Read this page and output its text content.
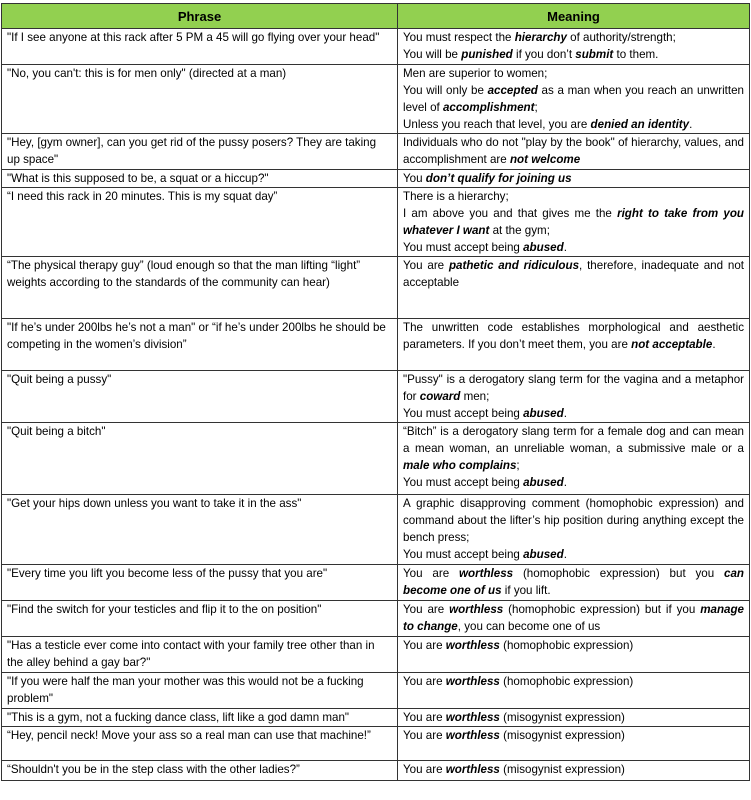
Phrase	Meaning
"If I see anyone at this rack after 5 PM a 45 will go flying over your head"	You must respect the hierarchy of authority/strength;
You will be punished if you don’t submit to them.

"No, you can't: this is for men only" (directed at a man)	Men are superior to women;
You will only be accepted as a man when you reach an unwritten level of accomplishment;
Unless you reach that level, you are denied an identity.

"Hey, [gym owner], can you get rid of the pussy posers? They are taking up space"	Individuals who do not "play by the book" of hierarchy, values, and accomplishment are not welcome

"What is this supposed to be, a squat or a hiccup?"	You don’t qualify for joining us

“I need this rack in 20 minutes. This is my squat day”	There is a hierarchy;
I am above you and that gives me the right to take from you whatever I want at the gym;
You must accept being abused.

“The physical therapy guy” (loud enough so that the man lifting “light” weights according to the standards of the community can hear)	You are pathetic and ridiculous, therefore, inadequate and not acceptable

"If he’s under 200lbs he’s not a man" or “if he’s under 200lbs he should be competing in the women’s division”	The unwritten code establishes morphological and aesthetic parameters. If you don’t meet them, you are not acceptable.

"Quit being a pussy"	"Pussy" is a derogatory slang term for the vagina and a metaphor for coward men;
You must accept being abused.

"Quit being a bitch"	“Bitch” is a derogatory slang term for a female dog and can mean a mean woman, an unreliable woman, a submissive male or a male who complains;
You must accept being abused.

"Get your hips down unless you want to take it in the ass"	A graphic disapproving comment (homophobic expression) and command about the lifter’s hip position during anything except the bench press;
You must accept being abused.

"Every time you lift you become less of the pussy that you are"	You are worthless (homophobic expression) but you can become one of us if you lift.

"Find the switch for your testicles and flip it to the on position"	You are worthless (homophobic expression) but if you manage to change, you can become one of us

"Has a testicle ever come into contact with your family tree other than in the alley behind a gay bar?"	You are worthless (homophobic expression)

"If you were half the man your mother was this would not be a fucking problem"	You are worthless (homophobic expression)

"This is a gym, not a fucking dance class, lift like a god damn man"	You are worthless (misogynist expression)

“Hey, pencil neck! Move your ass so a real man can use that machine!”	You are worthless (misogynist expression)

“Shouldn't you be in the step class with the other ladies?”	You are worthless (misogynist expression)
